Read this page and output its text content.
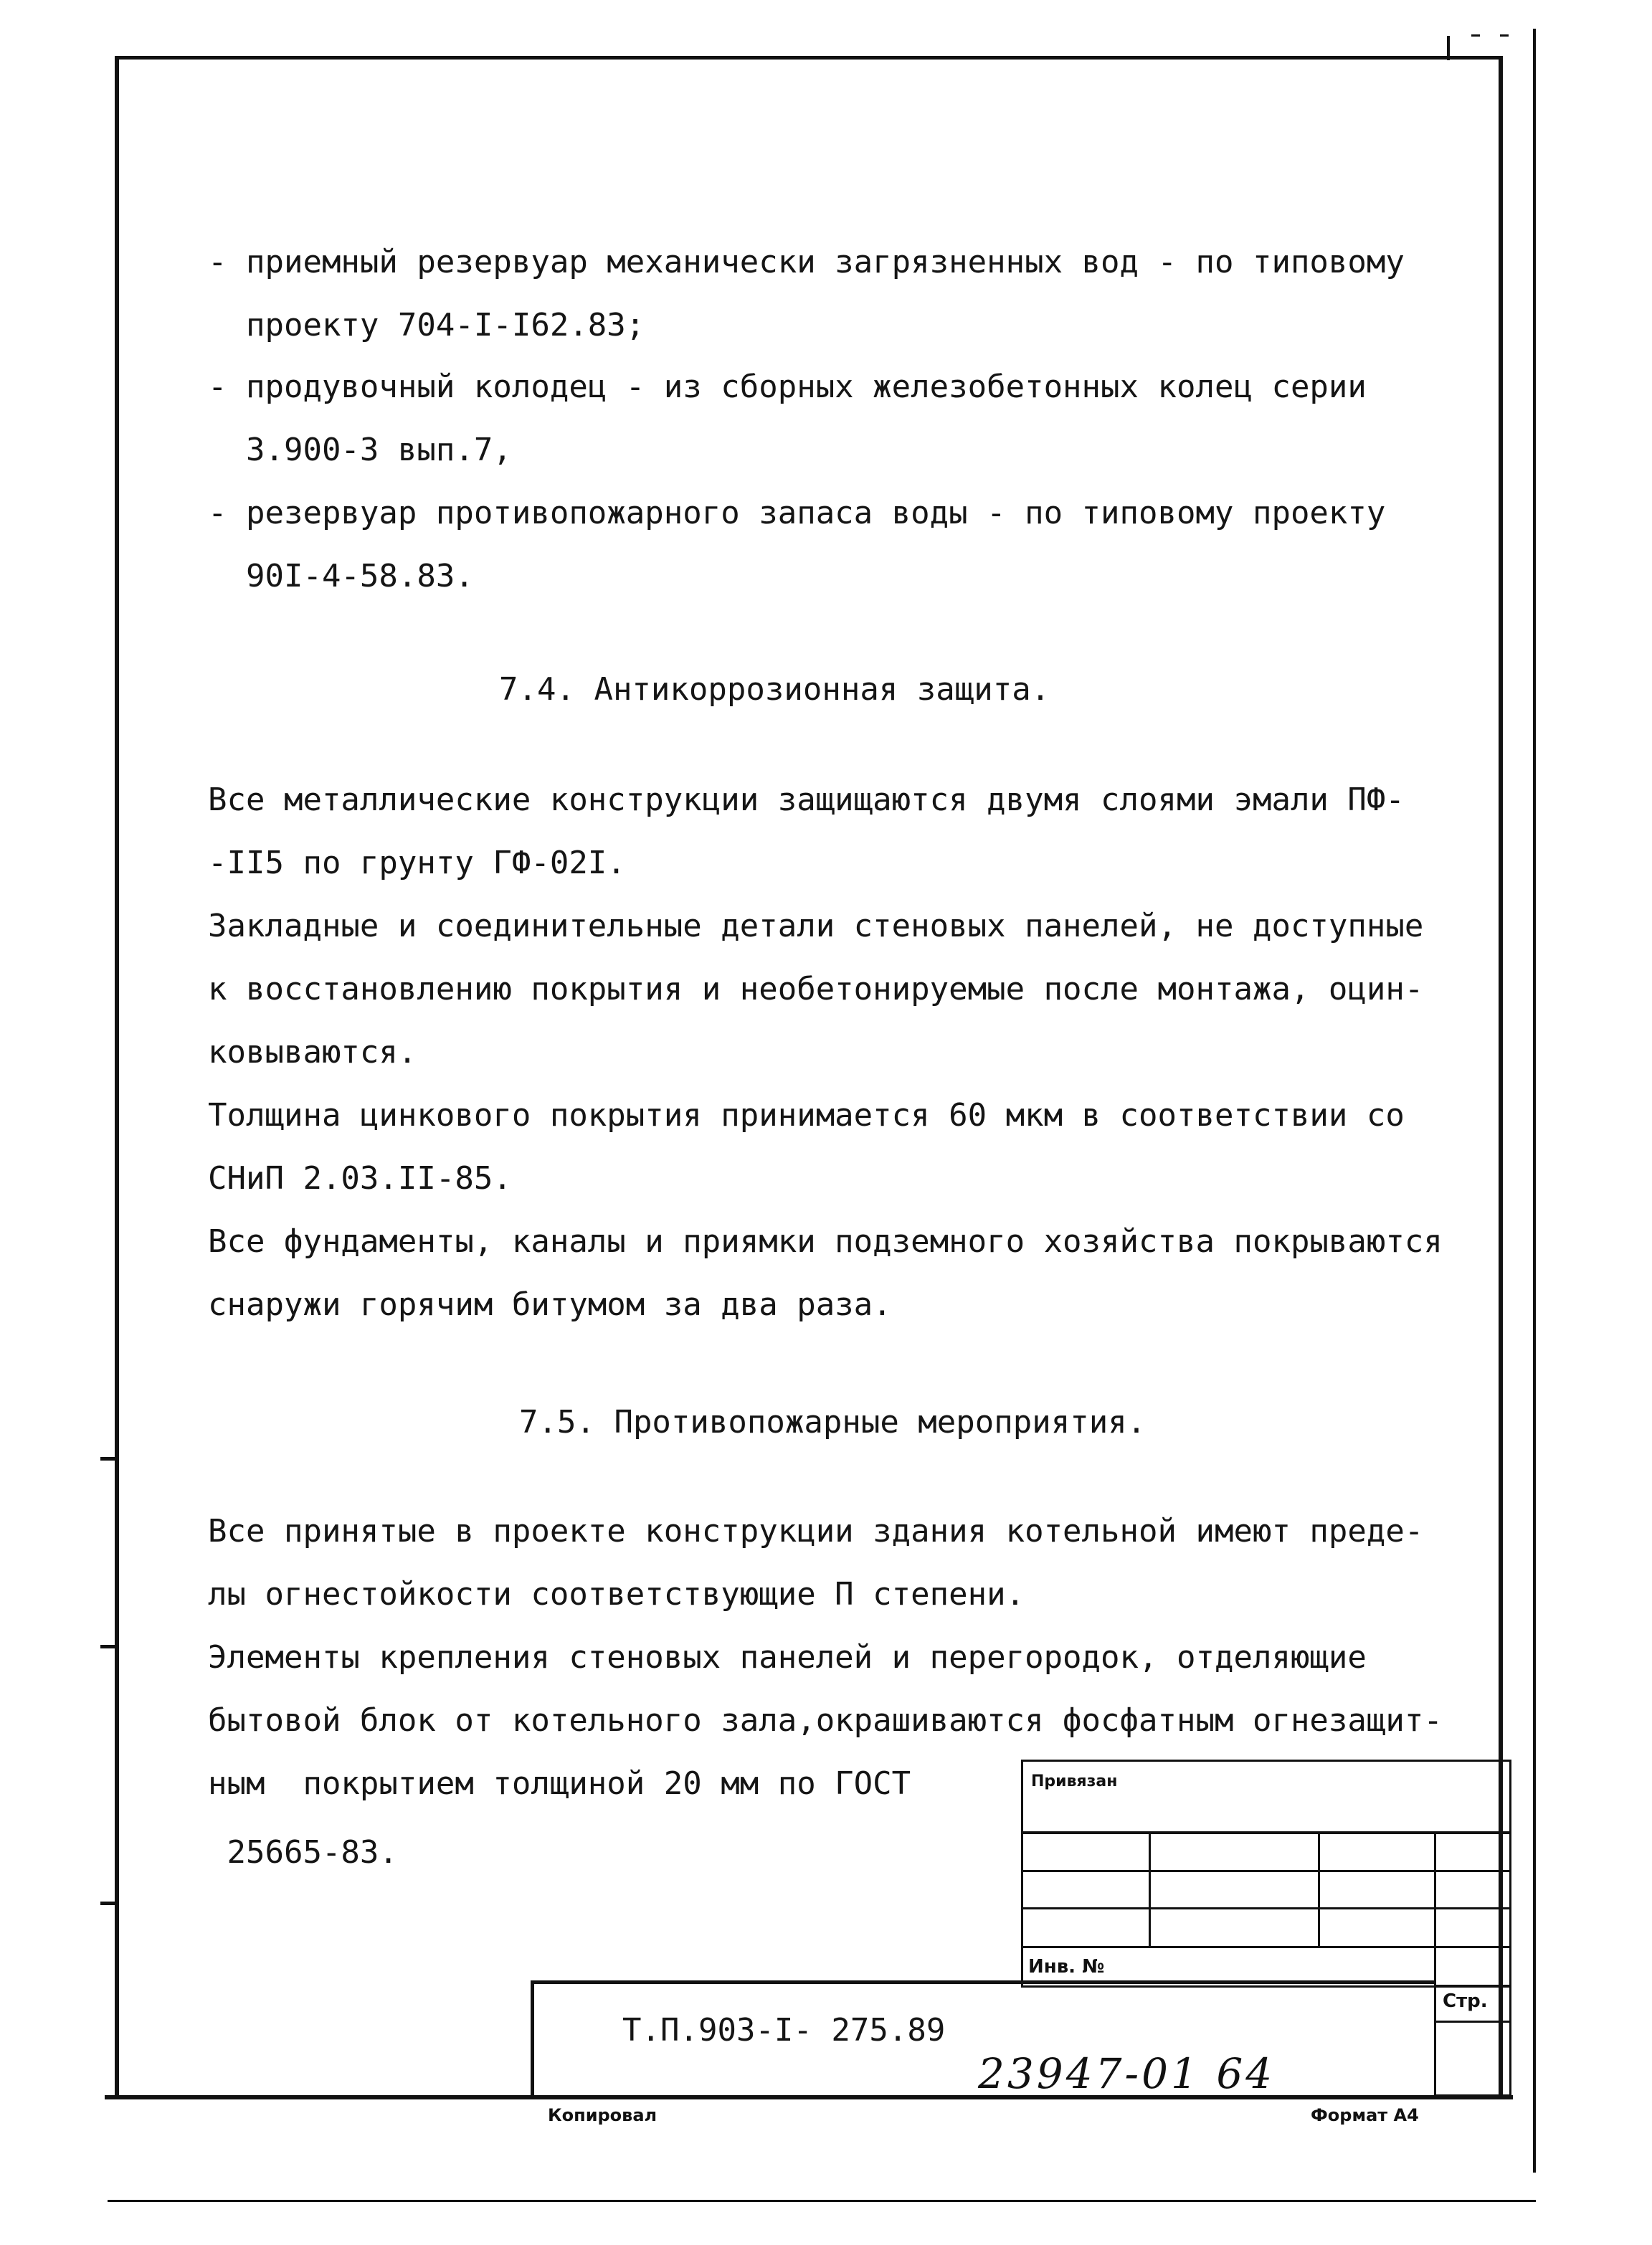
- приемный резервуар механически загрязненных вод - по типовому
проекту 704-I-I62.83;
- продувочный колодец - из сборных железобетонных колец серии
3.900-3 вып.7,
- резервуар противопожарного запаса воды - по типовому проекту
90I-4-58.83.
7.4. Антикоррозионная защита.
Все металлические конструкции защищаются двумя слоями эмали ПФ-
-II5 по грунту ГФ-02I.
Закладные и соединительные детали стеновых панелей, не доступные
к восстановлению покрытия и необетонируемые после монтажа, оцин-
ковываются.
Толщина цинкового покрытия принимается 60 мкм в соответствии со
СНиП 2.03.II-85.
Все фундаменты, каналы и приямки подземного хозяйства покрываются
снаружи горячим битумом за два раза.
7.5. Противопожарные мероприятия.
Все принятые в проекте конструкции здания котельной имеют преде-
лы огнестойкости соответствующие П степени.
Элементы крепления стеновых панелей и перегородок, отделяющие
бытовой блок от котельного зала,окрашиваются фосфатным огнезащит-
ным  покрытием толщиной 20 мм по ГОСТ
25665-83.
Привязан
Инв. №
Стр.
Т.П.903-I- 275.89
Копировал
23947-01 64
Формат А4
